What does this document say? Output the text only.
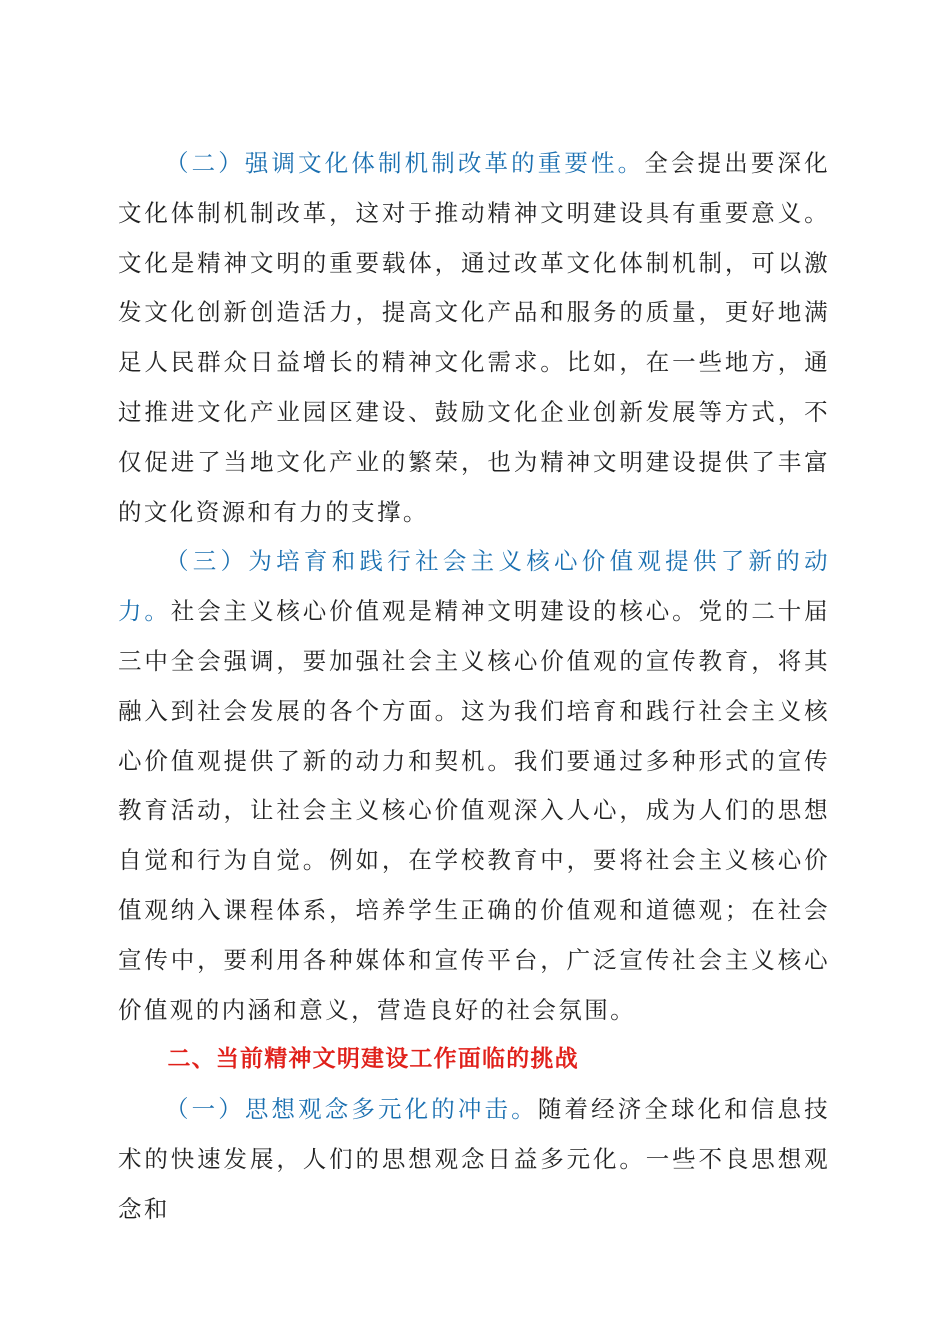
（二）强调文化体制机制改革的重要性。全会提出要深化文化体制机制改革，这对于推动精神文明建设具有重要意义。文化是精神文明的重要载体，通过改革文化体制机制，可以激发文化创新创造活力，提高文化产品和服务的质量，更好地满足人民群众日益增长的精神文化需求。比如，在一些地方，通过推进文化产业园区建设、鼓励文化企业创新发展等方式，不仅促进了当地文化产业的繁荣，也为精神文明建设提供了丰富的文化资源和有力的支撑。

（三）为培育和践行社会主义核心价值观提供了新的动力。社会主义核心价值观是精神文明建设的核心。党的二十届三中全会强调，要加强社会主义核心价值观的宣传教育，将其融入到社会发展的各个方面。这为我们培育和践行社会主义核心价值观提供了新的动力和契机。我们要通过多种形式的宣传教育活动，让社会主义核心价值观深入人心，成为人们的思想自觉和行为自觉。例如，在学校教育中，要将社会主义核心价值观纳入课程体系，培养学生正确的价值观和道德观；在社会宣传中，要利用各种媒体和宣传平台，广泛宣传社会主义核心价值观的内涵和意义，营造良好的社会氛围。

二、当前精神文明建设工作面临的挑战

（一）思想观念多元化的冲击。随着经济全球化和信息技术的快速发展，人们的思想观念日益多元化。一些不良思想观念和
